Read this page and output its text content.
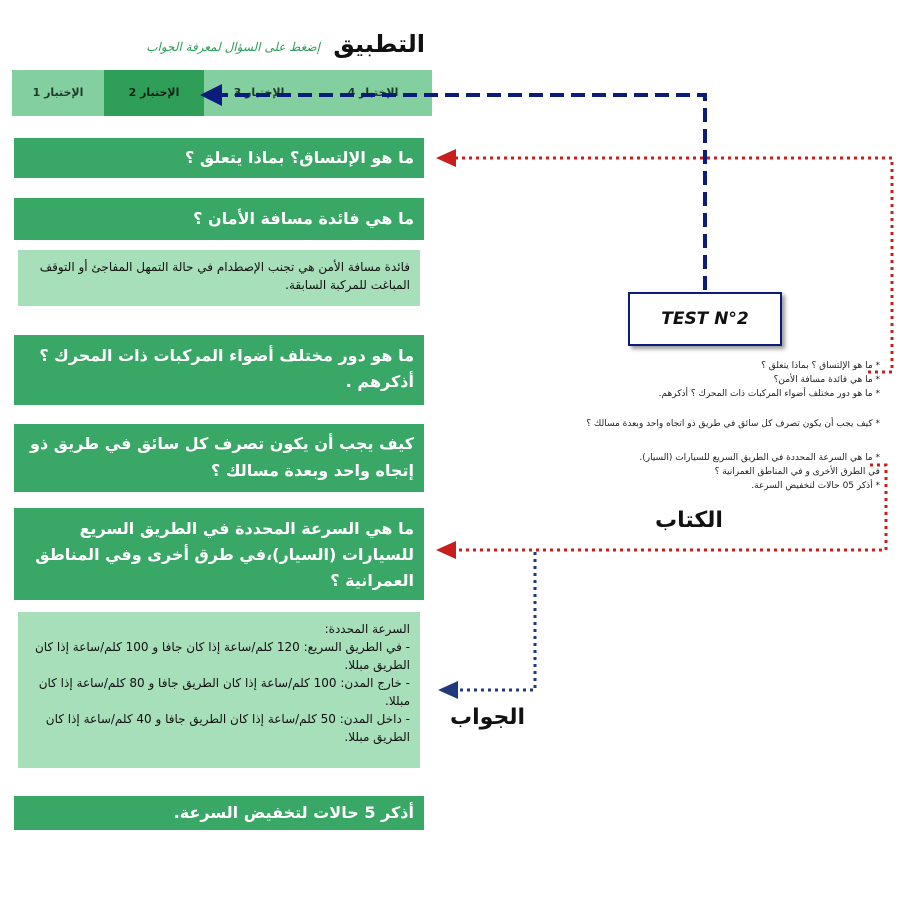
التطبيق
إضغط على السؤال لمعرفة الجواب
الإختبار 1	الإختبار 2	الإختبار 3	الإختبار 4
ما هو الإلتساق؟ بماذا يتعلق ؟
ما هي فائدة مسافة الأمان ؟
فائدة مسافة الأمن هي تجنب الإصطدام في حالة التمهل المفاجئ أو التوقف المباغت للمركبة السابقة.
ما هو دور مختلف أضواء المركبات ذات المحرك ؟ أذكرهم .
كيف يجب أن يكون تصرف كل سائق في طريق ذو إتجاه واحد وبعدة مسالك ؟
ما هي السرعة المحددة في الطريق السريع للسيارات (السيار)،في طرق أخرى وفي المناطق العمرانية ؟
السرعة المحددة:
- في الطريق السريع: 120 كلم/ساعة إذا كان جافا و 100 كلم/ساعة إذا كان الطريق مبللا.
- خارج المدن: 100 كلم/ساعة إذا كان الطريق جافا و 80 كلم/ساعة إذا كان مبللا.
- داخل المدن: 50 كلم/ساعة إذا كان الطريق جافا و 40 كلم/ساعة إذا كان الطريق مبللا.
أذكر 5 حالات لتخفيض السرعة.
* ما هو الإلتساق ؟ بماذا يتعلق ؟
* ما هي فائدة مسافة الأمن؟
* ما هو دور مختلف أضواء المركبات ذات المحرك ؟ أذكرهم.
* كيف يجب أن يكون تصرف كل سائق في طريق ذو اتجاه واحد وبعدة مسالك ؟
* ما هي السرعة المحددة في الطريق السريع للسيارات (السيار).
في الطرق الأخرى و في المناطق العمرانية ؟
* أذكر 05 حالات لتخفيض السرعة.
TEST N°2
الكتاب
الجواب
